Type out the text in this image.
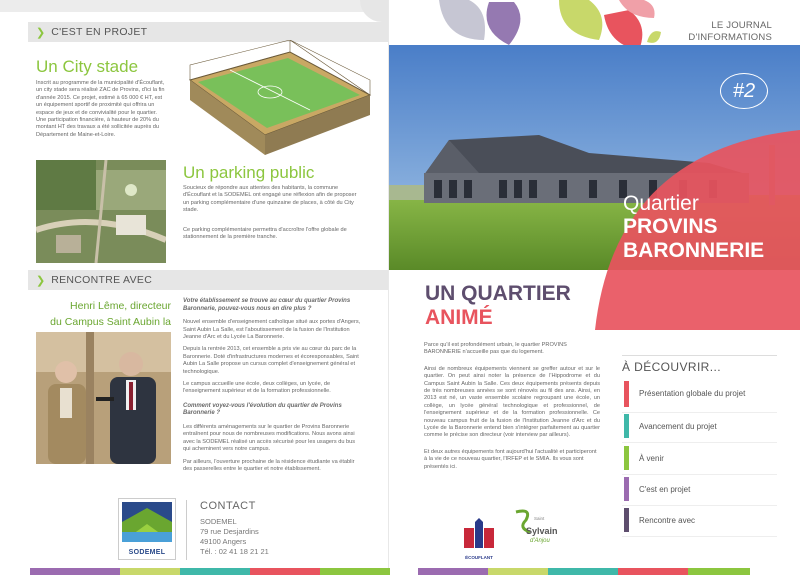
❯ C'EST EN PROJET
Un City stade
Inscrit au programme de la municipalité d'Écouflant, un city stade sera réalisé ZAC de Provins, d'ici la fin d'année 2015. Ce projet, estimé à 65 000 € HT, est un équipement sportif de proximité qui offrira un espace de jeux et de convivialité pour le quartier. Une participation financière, à hauteur de 20% du montant HT des travaux a été sollicitée auprès du Département de Maine-et-Loire.
Un parking public
Soucieux de répondre aux attentes des habitants, la commune d'Écouflant et la SODEMEL ont engagé une réflexion afin de proposer un parking complémentaire d'une quinzaine de places, à côté du City stade.
Ce parking complémentaire permettra d'accroître l'offre globale de stationnement de la première tranche.
❯ RENCONTRE AVEC
Henri Lême, directeur
du Campus Saint Aubin la
Votre établissement se trouve au cœur du quartier Provins Baronnerie, pouvez-vous nous en dire plus ?
Nouvel ensemble d'enseignement catholique situé aux portes d'Angers, Saint Aubin La Salle, est l'aboutissement de la fusion de l'Institution Jeanne d'Arc et du Lycée La Baronnerie.
Depuis la rentrée 2013, cet ensemble a pris vie au cœur du parc de la Baronnerie. Doté d'infrastructures modernes et écoresponsables, Saint Aubin La Salle propose un cursus complet d'enseignement général et technologique.
Le campus accueille une école, deux collèges, un lycée, de l'enseignement supérieur et de la formation professionnelle.
Comment voyez-vous l'évolution du quartier de Provins Baronnerie ?
Les différents aménagements sur le quartier de Provins Baronnerie entraînent pour nous de nombreuses modifications. Nous avons ainsi avec la SODEMEL réalisé un accès sécurisé pour les usagers du bus qui acheminent vers notre campus.
Par ailleurs, l'ouverture prochaine de la résidence étudiante va établir des passerelles entre le quartier et notre établissement.
SODEMEL
CONTACT
SODEMEL
79 rue Desjardins
49100 Angers
Tél. : 02 41 18 21 21
LE JOURNAL
D'INFORMATIONS
#2
Quartier
PROVINS
BARONNERIE
UN QUARTIER
ANIMÉ
Parce qu'il est profondément urbain, le quartier PROVINS BARONNERIE n'accueille pas que du logement.
Ainsi de nombreux équipements viennent se greffer autour et sur le quartier. On peut ainsi noter la présence de l'Hippodrome et du Campus Saint Aubin la Salle. Ces deux équipements présents depuis de très nombreuses années se sont rénovés au fil des ans. Ainsi, en 2013 est né, un vaste ensemble scolaire regroupant une école, un collège, un lycée général technologique et professionnel, de l'enseignement supérieur et de la formation professionnelle. Ce nouveau campus fruit de la fusion de l'Institution Jeanne d'Arc et du Lycée de la Baronnerie entend bien s'intégrer parfaitement au quartier comme le précise son directeur (voir interview par ailleurs).
Et deux autres équipements font aujourd'hui l'actualité et participeront à la vie de ce nouveau quartier, l'IRFEP et le SMIA. Ils vous sont présentés ici.
ÉCOUFLANT
Saint
Sylvain
d'Anjou
À DÉCOUVRIR...
Présentation globale du projet
Avancement du projet
À venir
C'est en projet
Rencontre avec
